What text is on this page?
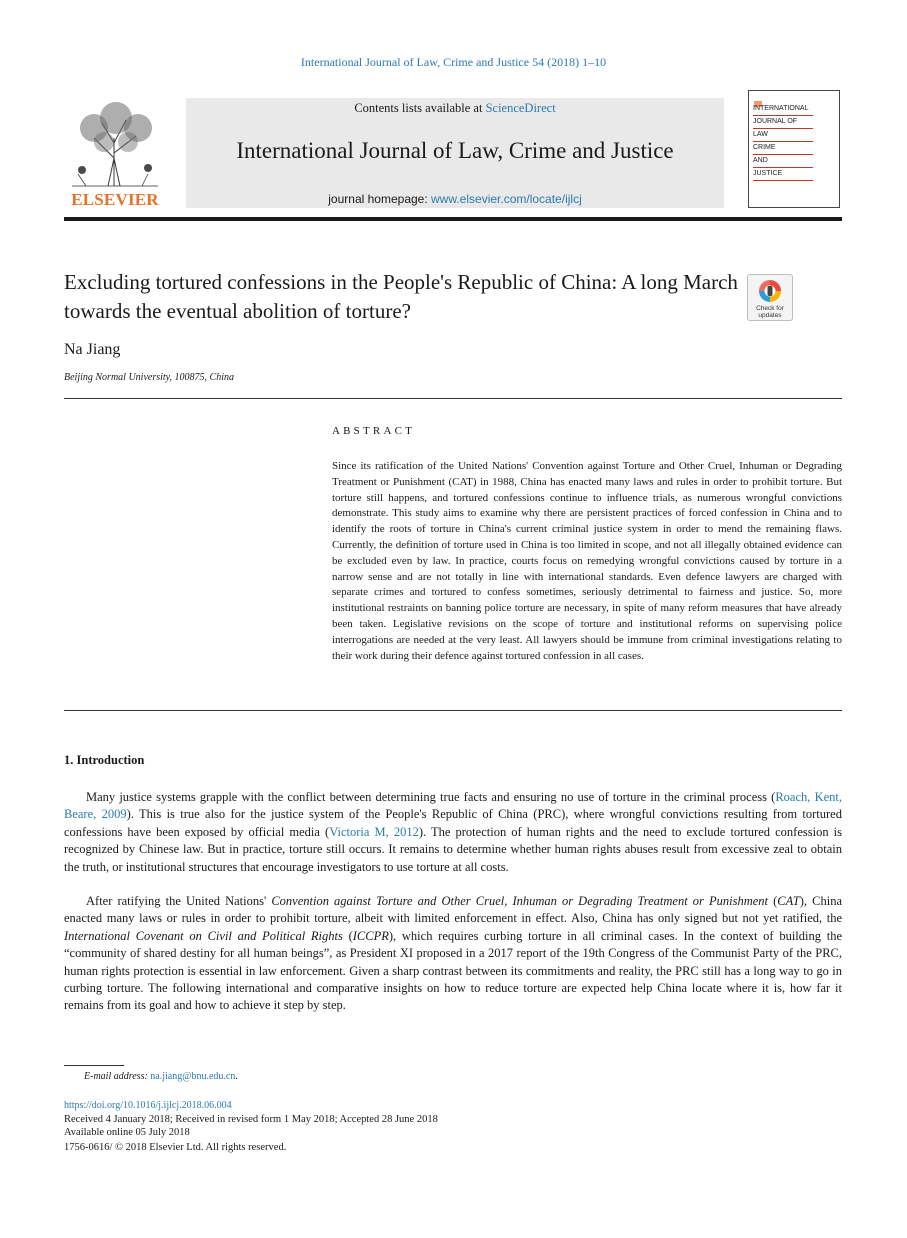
International Journal of Law, Crime and Justice 54 (2018) 1–10
ELSEVIER
Contents lists available at ScienceDirect
International Journal of Law, Crime and Justice
journal homepage: www.elsevier.com/locate/ijlcj
INTERNATIONAL
JOURNAL OF
LAW
CRIME
AND
JUSTICE
Excluding tortured confessions in the People's Republic of China: A long March towards the eventual abolition of torture?	Check for updates
Na Jiang
Beijing Normal University, 100875, China
ABSTRACT

Since its ratification of the United Nations' Convention against Torture and Other Cruel, Inhuman or Degrading Treatment or Punishment (CAT) in 1988, China has enacted many laws and rules in order to prohibit torture. But torture still happens, and tortured confessions continue to influence trials, as numerous wrongful convictions demonstrate. This study aims to examine why there are persistent practices of forced confession in China and to identify the roots of torture in China's current criminal justice system in order to mend the remaining flaws. Currently, the definition of torture used in China is too limited in scope, and not all illegally obtained evidence can be excluded even by law. In practice, courts focus on remedying wrongful convictions caused by torture in a narrow sense and are not totally in line with international standards. Even defence lawyers are charged with separate crimes and tortured to confess sometimes, seriously detrimental to fairness and justice. So, more institutional restraints on banning police torture are necessary, in spite of many reform measures that have already been taken. Legislative revisions on the scope of torture and institutional reforms on supervising police interrogations are needed at the very least. All lawyers should be immune from criminal investigations relating to their work during their defence against tortured confession in all cases.

1. Introduction

Many justice systems grapple with the conflict between determining true facts and ensuring no use of torture in the criminal process (Roach, Kent, Beare, 2009). This is true also for the justice system of the People's Republic of China (PRC), where wrongful convictions resulting from tortured confessions have been exposed by official media (Victoria M, 2012). The protection of human rights and the need to exclude tortured confession is recognized by Chinese law. But in practice, torture still occurs. It remains to determine whether human rights abuses result from excessive zeal to obtain the truth, or institutional structures that encourage investigators to use torture at all costs.

After ratifying the United Nations' Convention against Torture and Other Cruel, Inhuman or Degrading Treatment or Punishment (CAT), China enacted many laws or rules in order to prohibit torture, albeit with limited enforcement in effect. Also, China has only signed but not yet ratified, the International Covenant on Civil and Political Rights (ICCPR), which requires curbing torture in all criminal cases. In the context of building the “community of shared destiny for all human beings”, as President XI proposed in a 2017 report of the 19th Congress of the Communist Party of the PRC, human rights protection is essential in law enforcement. Given a sharp contrast between its commitments and reality, the PRC still has a long way to go in curbing torture. The following international and comparative insights on how to reduce torture are expected help China locate where it is, how far it remains from its goal and how to achieve it step by step.

E-mail address: na.jiang@bnu.edu.cn.
https://doi.org/10.1016/j.ijlcj.2018.06.004
Received 4 January 2018; Received in revised form 1 May 2018; Accepted 28 June 2018
Available online 05 July 2018
1756-0616/ © 2018 Elsevier Ltd. All rights reserved.
